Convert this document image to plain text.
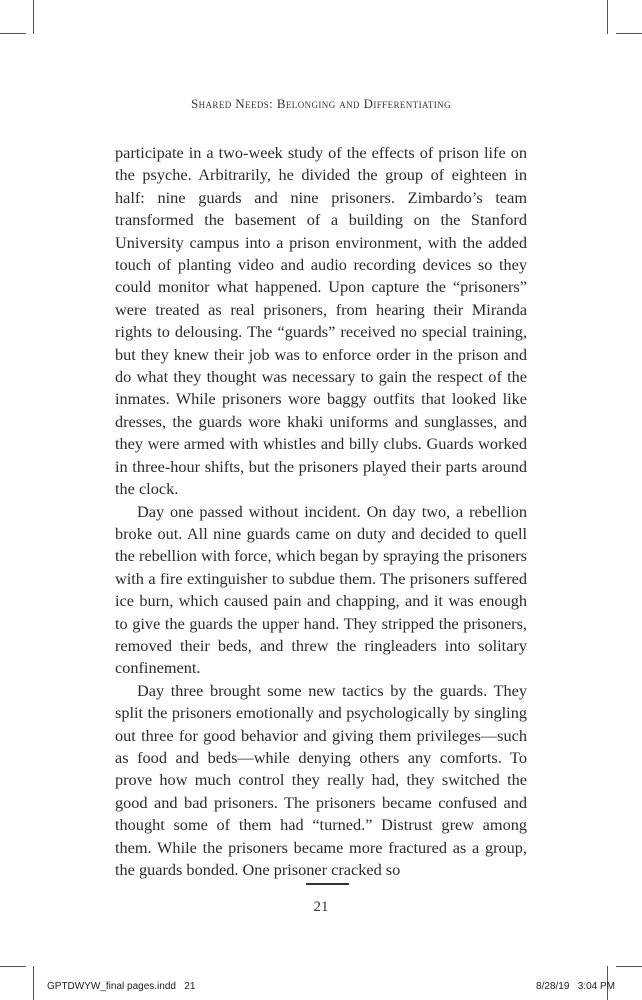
Shared Needs: Belonging and Differentiating

participate in a two-week study of the effects of prison life on the psyche. Arbitrarily, he divided the group of eighteen in half: nine guards and nine prisoners. Zimbardo’s team transformed the basement of a building on the Stanford University campus into a prison environment, with the added touch of planting video and audio recording devices so they could monitor what happened. Upon capture the “prisoners” were treated as real prisoners, from hearing their Miranda rights to delousing. The “guards” received no special training, but they knew their job was to enforce order in the prison and do what they thought was necessary to gain the respect of the inmates. While prisoners wore baggy outfits that looked like dresses, the guards wore khaki uniforms and sunglasses, and they were armed with whistles and billy clubs. Guards worked in three-hour shifts, but the prisoners played their parts around the clock.

Day one passed without incident. On day two, a rebellion broke out. All nine guards came on duty and decided to quell the rebellion with force, which began by spraying the prisoners with a fire extinguisher to subdue them. The prisoners suffered ice burn, which caused pain and chapping, and it was enough to give the guards the upper hand. They stripped the prisoners, removed their beds, and threw the ringleaders into solitary confinement.

Day three brought some new tactics by the guards. They split the prisoners emotionally and psychologically by singling out three for good behavior and giving them privileges—such as food and beds—while denying others any comforts. To prove how much control they really had, they switched the good and bad prisoners. The prisoners became confused and thought some of them had “turned.” Distrust grew among them. While the prisoners became more fractured as a group, the guards bonded. One prisoner cracked so

21
GPTDWYW_final pages.indd   21	8/28/19   3:04 PM
